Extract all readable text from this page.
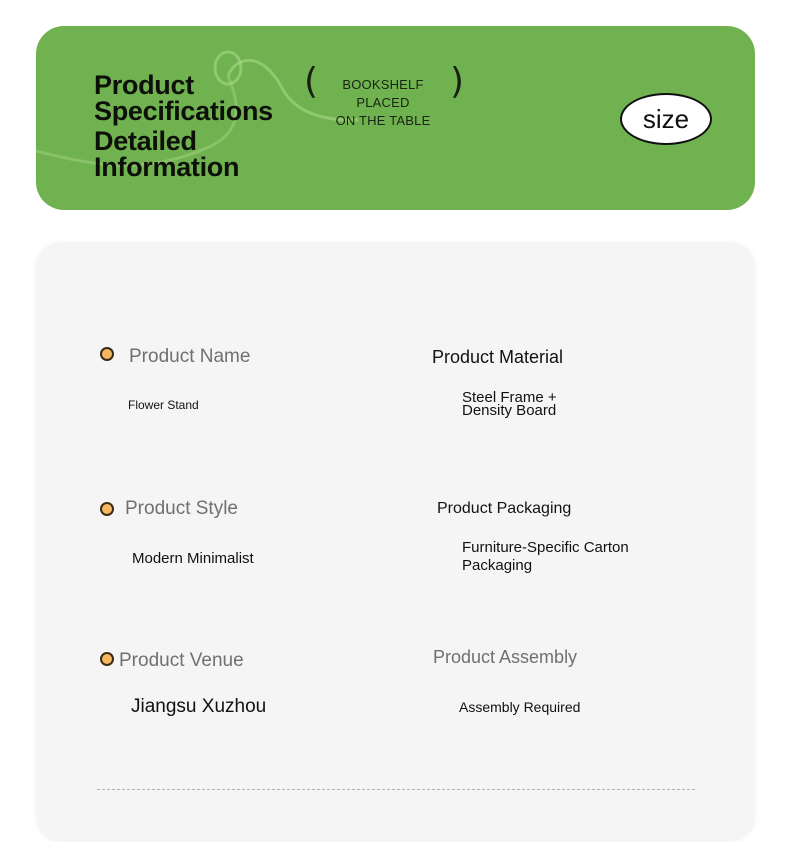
Product
Specifications
Detailed
Information
(	BOOKSHELF PLACED
ON THE TABLE
)
size
Product Name
Flower Stand
Product Material
Steel Frame +
Density Board
Product Style
Modern Minimalist
Product Packaging
Furniture-Specific Carton
Packaging
Product Venue
Jiangsu Xuzhou
Product Assembly
Assembly Required
